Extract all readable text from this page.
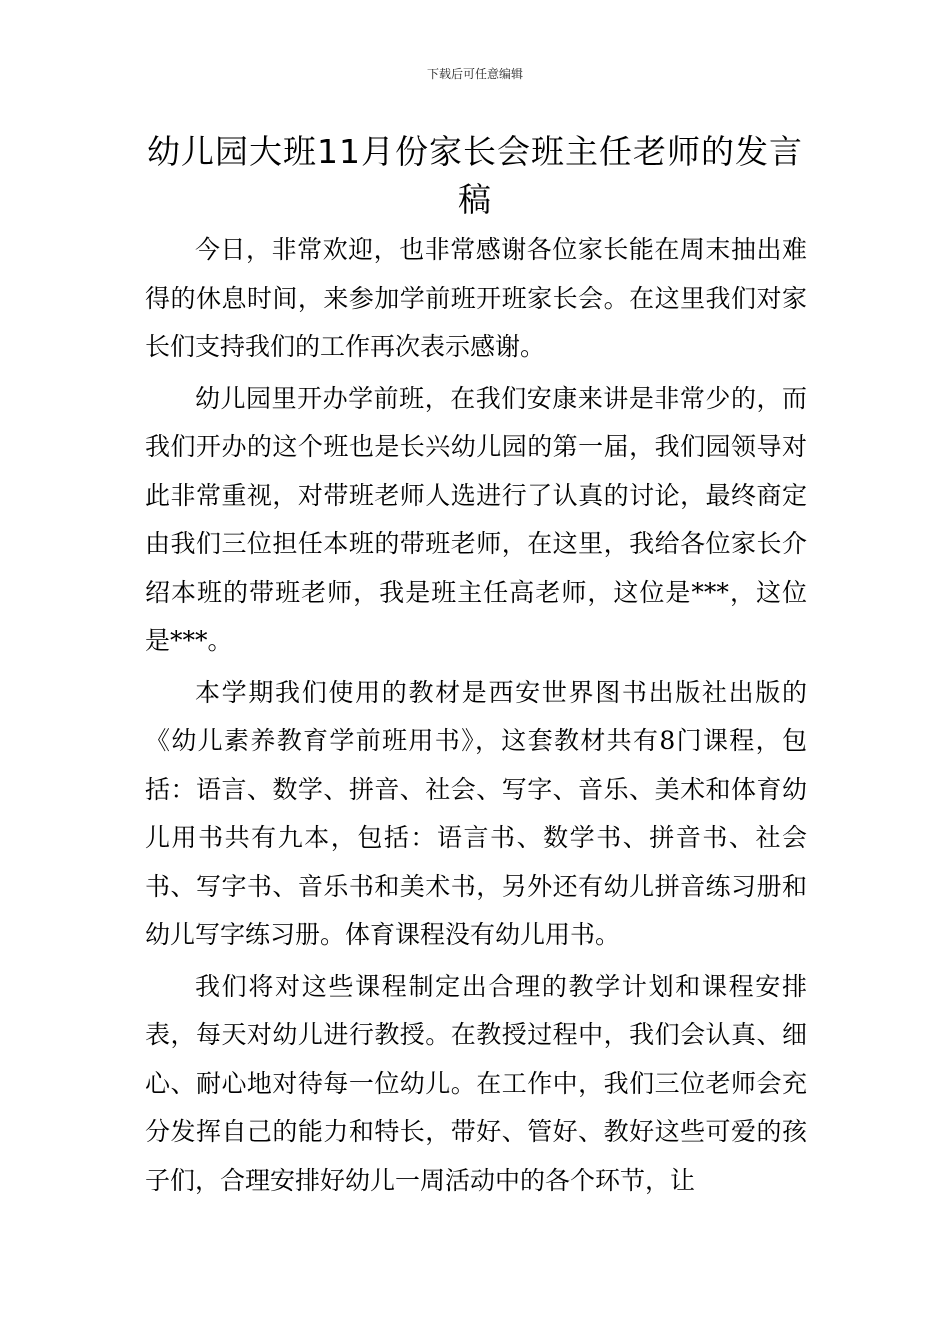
下载后可任意编辑
幼儿园大班11月份家长会班主任老师的发言稿

今日，非常欢迎，也非常感谢各位家长能在周末抽出难得的休息时间，来参加学前班开班家长会。在这里我们对家长们支持我们的工作再次表示感谢。

幼儿园里开办学前班，在我们安康来讲是非常少的，而我们开办的这个班也是长兴幼儿园的第一届，我们园领导对此非常重视，对带班老师人选进行了认真的讨论，最终商定由我们三位担任本班的带班老师，在这里，我给各位家长介绍本班的带班老师，我是班主任高老师，这位是***，这位是***。

本学期我们使用的教材是西安世界图书出版社出版的《幼儿素养教育学前班用书》，这套教材共有8门课程，包括：语言、数学、拼音、社会、写字、音乐、美术和体育幼儿用书共有九本，包括：语言书、数学书、拼音书、社会书、写字书、音乐书和美术书，另外还有幼儿拼音练习册和幼儿写字练习册。体育课程没有幼儿用书。

我们将对这些课程制定出合理的教学计划和课程安排表，每天对幼儿进行教授。在教授过程中，我们会认真、细心、耐心地对待每一位幼儿。在工作中，我们三位老师会充分发挥自己的能力和特长，带好、管好、教好这些可爱的孩子们，合理安排好幼儿一周活动中的各个环节，让
